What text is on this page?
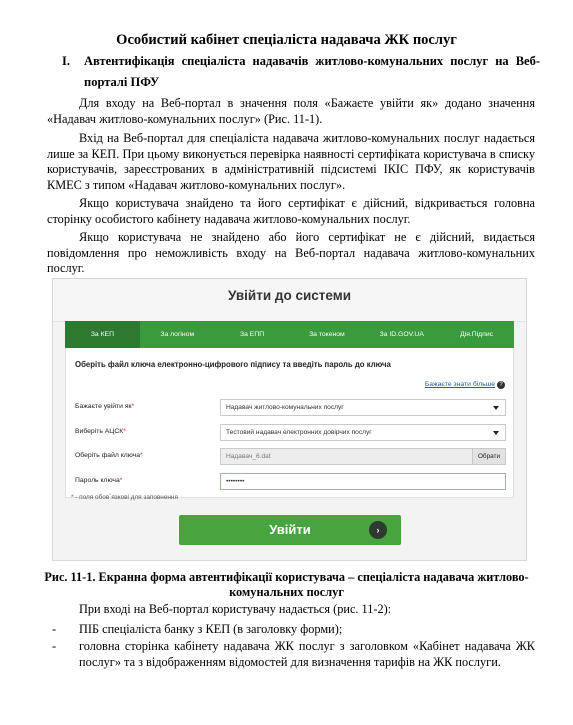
Особистий кабінет спеціаліста надавача ЖК послуг
I. Автентифікація спеціаліста надавачів житлово-комунальних послуг на Веб-порталі ПФУ

Для входу на Веб-портал в значення поля «Бажаєте увійти як» додано значення «Надавач житлово-комунальних послуг» (Рис. 11-1).

Вхід на Веб-портал для спеціаліста надавача житлово-комунальних послуг надається лише за КЕП. При цьому виконується перевірка наявності сертифіката користувача в списку користувачів, зареєстрованих в адміністративній підсистемі ІКІС ПФУ, як користувачів КМЕС з типом «Надавач житлово-комунальних послуг».

Якщо користувача знайдено та його сертифікат є дійсний, відкривається головна сторінку особистого кабінету надавача житлово-комунальних послуг.

Якщо користувача не знайдено або його сертифікат не є дійсний, видається повідомлення про неможливість входу на Веб-портал надавача житлово-комунальних послуг.

Увійти до системи
За КЕП	За логіном	За ЕПП	За токеном	За ID.GOV.UA	Дія.Підпис
Оберіть файл ключа електронно-цифрового підпису та введіть пароль до ключа
Бажаєте знати більше ?
Бажаєте увійти як*	Надавач житлово-комунальних послуг
Виберіть АЦСК*	Тестовий надавач електронних довірчих послуг
Оберіть файл ключа*	Надавач_6.dat	Обрати
Пароль ключа*	••••••••
* - поля обов`язкові для заповнення
Увійти	›

Рис. 11-1. Екранна форма автентифікації користувача – спеціаліста надавача житлово-комунальних послуг

При вході на Веб-портал користувачу надається (рис. 11-2):

- ПІБ спеціаліста банку з КЕП (в заголовку форми);
- головна сторінка кабінету надавача ЖК послуг з заголовком «Кабінет надавача ЖК послуг» та з відображенням відомостей для визначення тарифів на ЖК послуги.
